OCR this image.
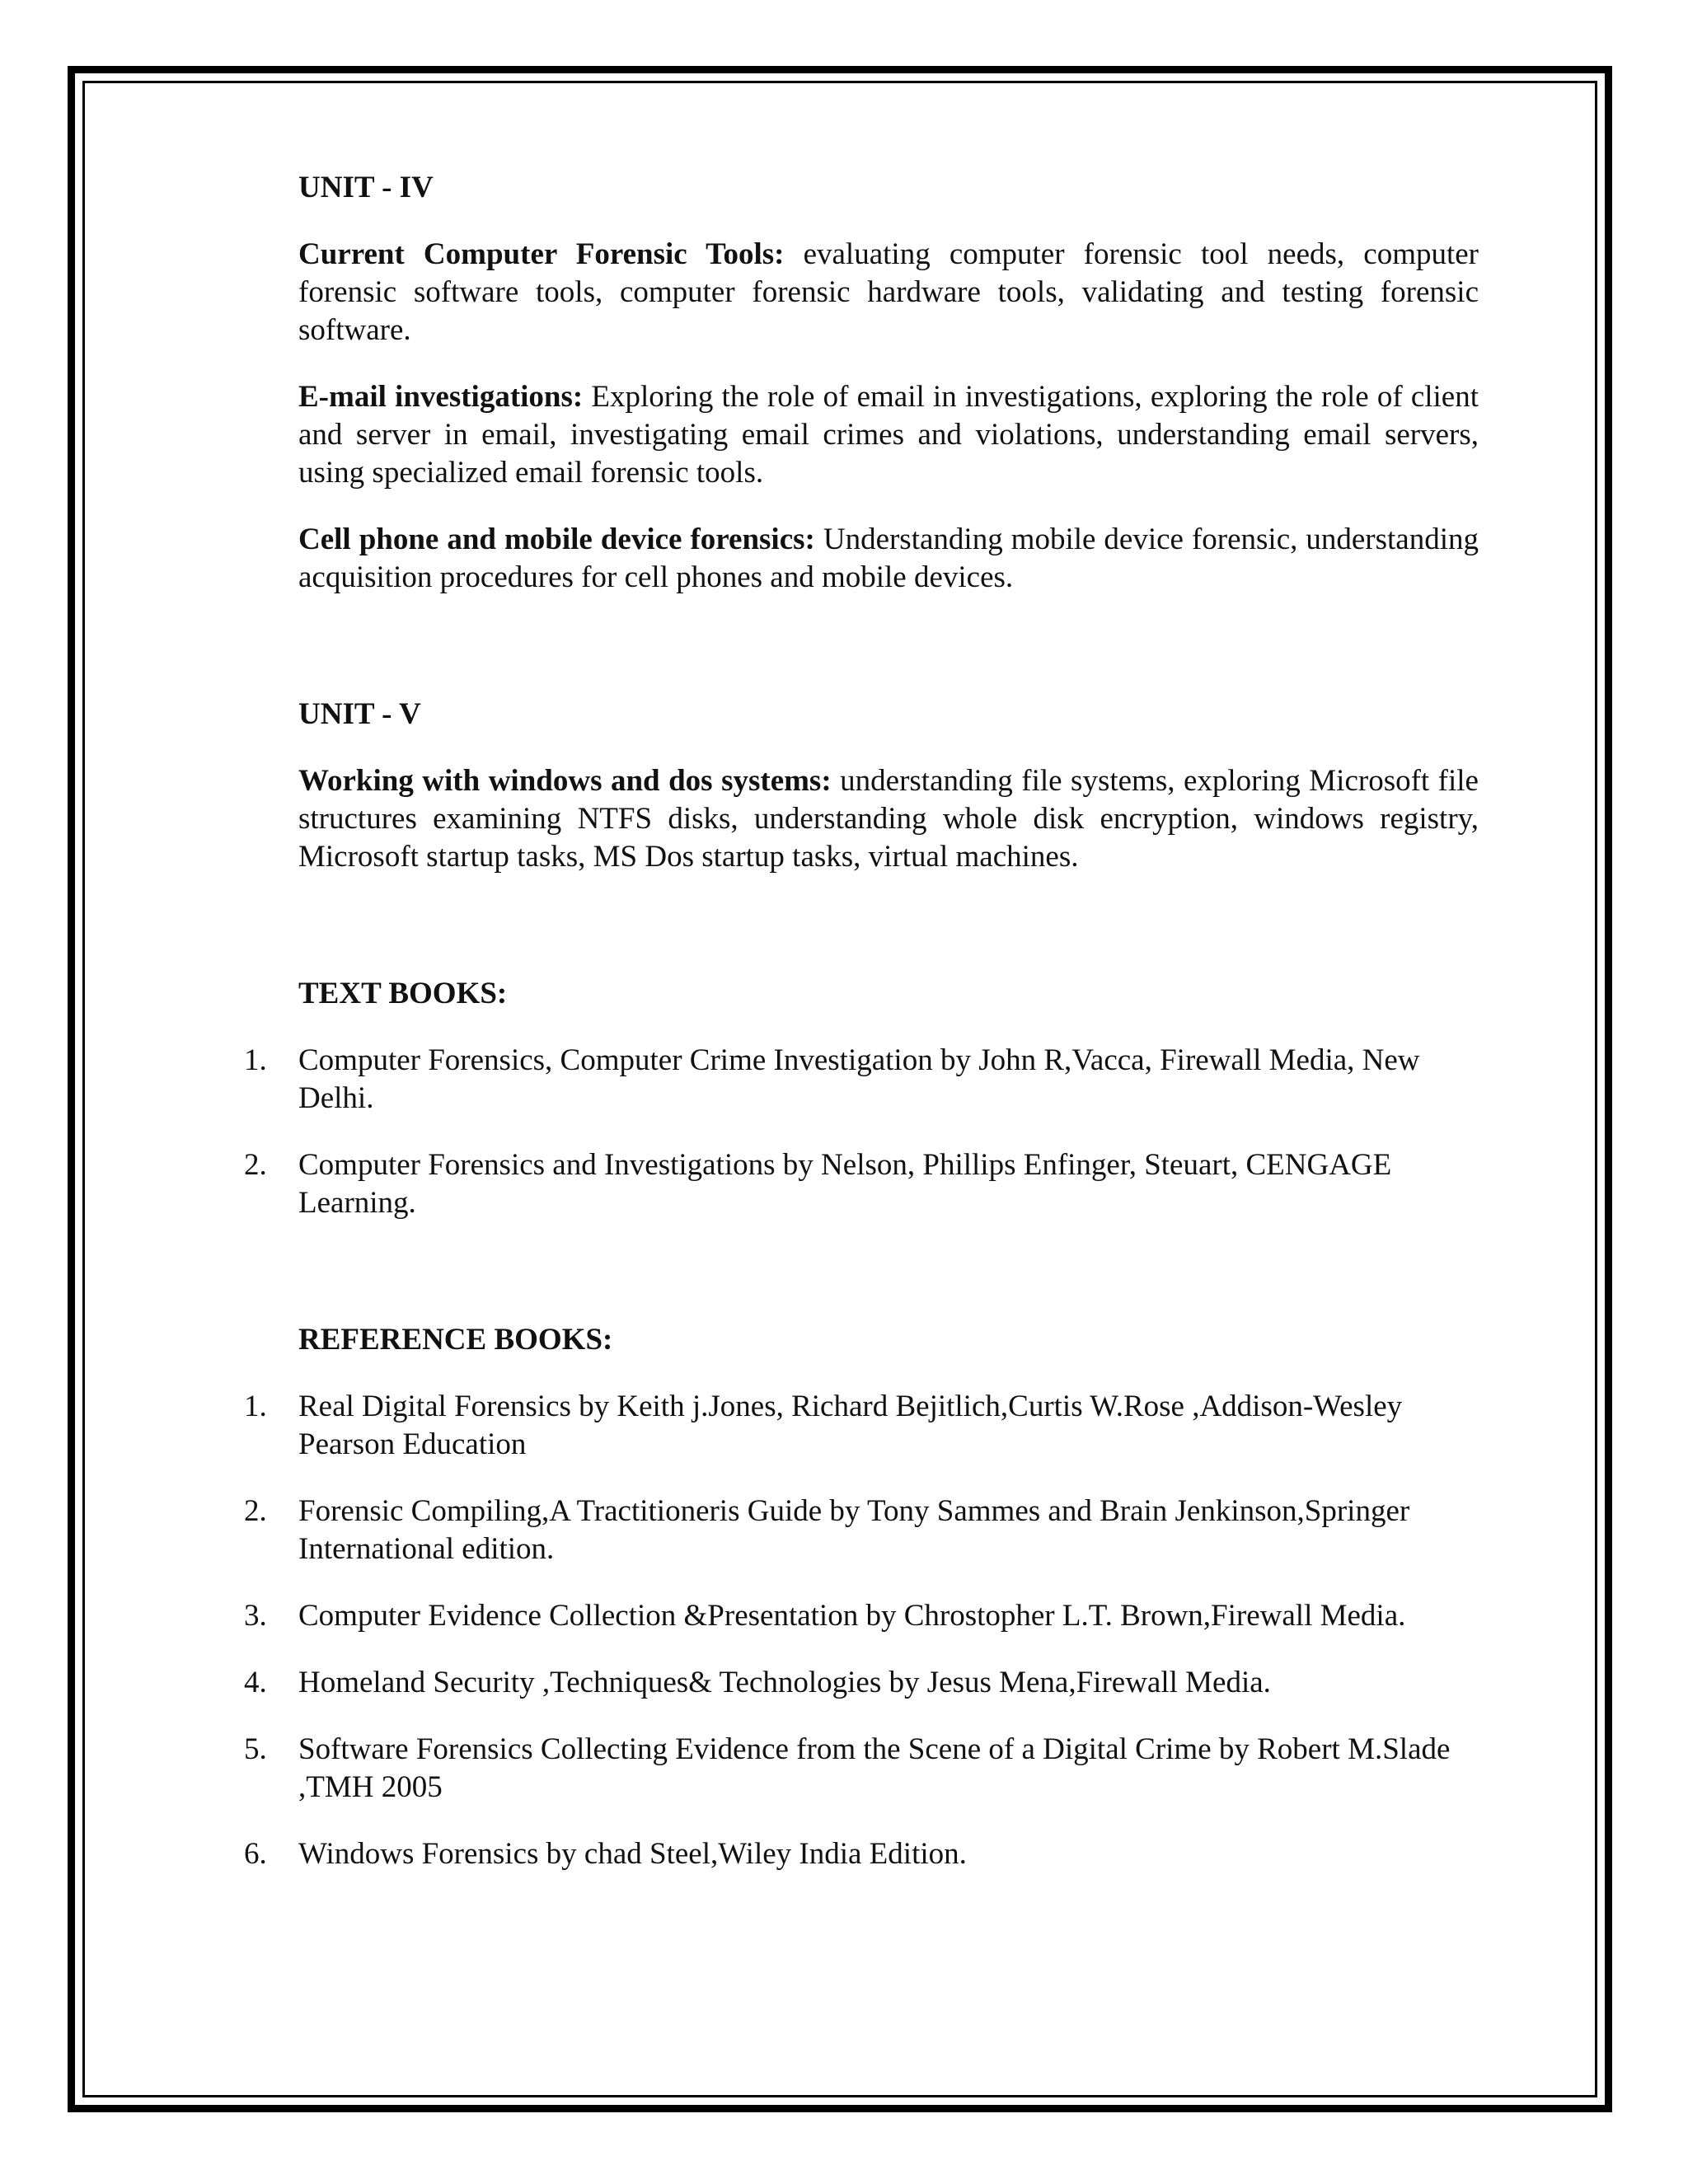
UNIT - IV

Current Computer Forensic Tools: evaluating computer forensic tool needs, computer forensic software tools, computer forensic hardware tools, validating and testing forensic software.

E-mail investigations: Exploring the role of email in investigations, exploring the role of client and server in email, investigating email crimes and violations, understanding email servers, using specialized email forensic tools.

Cell phone and mobile device forensics: Understanding mobile device forensic, understanding acquisition procedures for cell phones and mobile devices.

UNIT - V

Working with windows and dos systems: understanding file systems, exploring Microsoft file structures examining NTFS disks, understanding whole disk encryption, windows registry, Microsoft startup tasks, MS Dos startup tasks, virtual machines.

TEXT BOOKS:

1. Computer Forensics, Computer Crime Investigation by John R,Vacca, Firewall Media, New Delhi.
2. Computer Forensics and Investigations by Nelson, Phillips Enfinger, Steuart, CENGAGE Learning.

REFERENCE BOOKS:

1. Real Digital Forensics by Keith j.Jones, Richard Bejitlich,Curtis W.Rose ,Addison-Wesley Pearson Education
2. Forensic Compiling,A Tractitioneris Guide by Tony Sammes and Brain Jenkinson,Springer International edition.
3. Computer Evidence Collection &Presentation by Chrostopher L.T. Brown,Firewall Media.
4. Homeland Security ,Techniques& Technologies by Jesus Mena,Firewall Media.
5. Software Forensics Collecting Evidence from the Scene of a Digital Crime by Robert M.Slade ,TMH 2005
6. Windows Forensics by chad Steel,Wiley India Edition.
